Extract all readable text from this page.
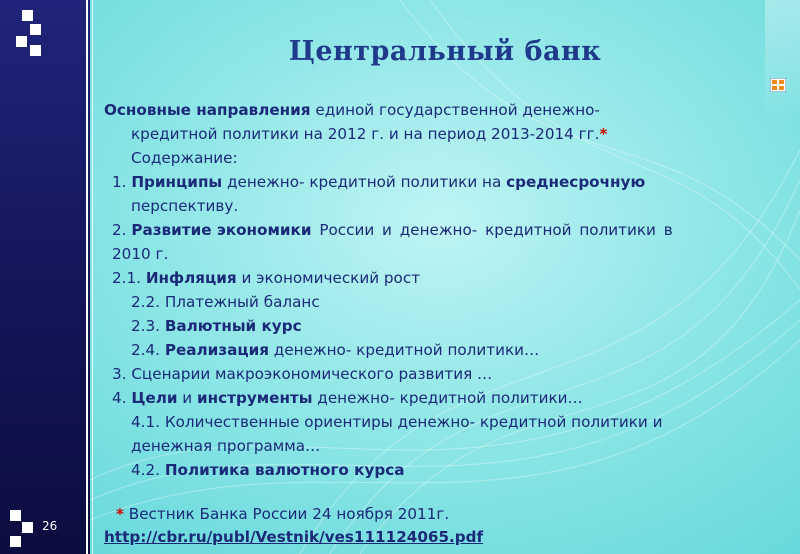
26
Центральный банк
Основные направления единой государственной денежно-
кредитной политики на 2012 г. и на период 2013-2014 гг.*
Содержание:
1. Принципы денежно- кредитной политики на среднесрочную
перспективу.
2. Развитие экономики России и денежно- кредитной политики в
2010 г.
2.1. Инфляция и экономический рост
2.2. Платежный баланс
2.3. Валютный курс
2.4. Реализация денежно- кредитной политики…
3. Сценарии макроэкономического развития …
4. Цели и инструменты денежно- кредитной политики…
4.1. Количественные ориентиры денежно- кредитной политики и
денежная программа…
4.2. Политика валютного курса
* Вестник Банка России 24 ноября 2011г.
http://cbr.ru/publ/Vestnik/ves111124065.pdf
